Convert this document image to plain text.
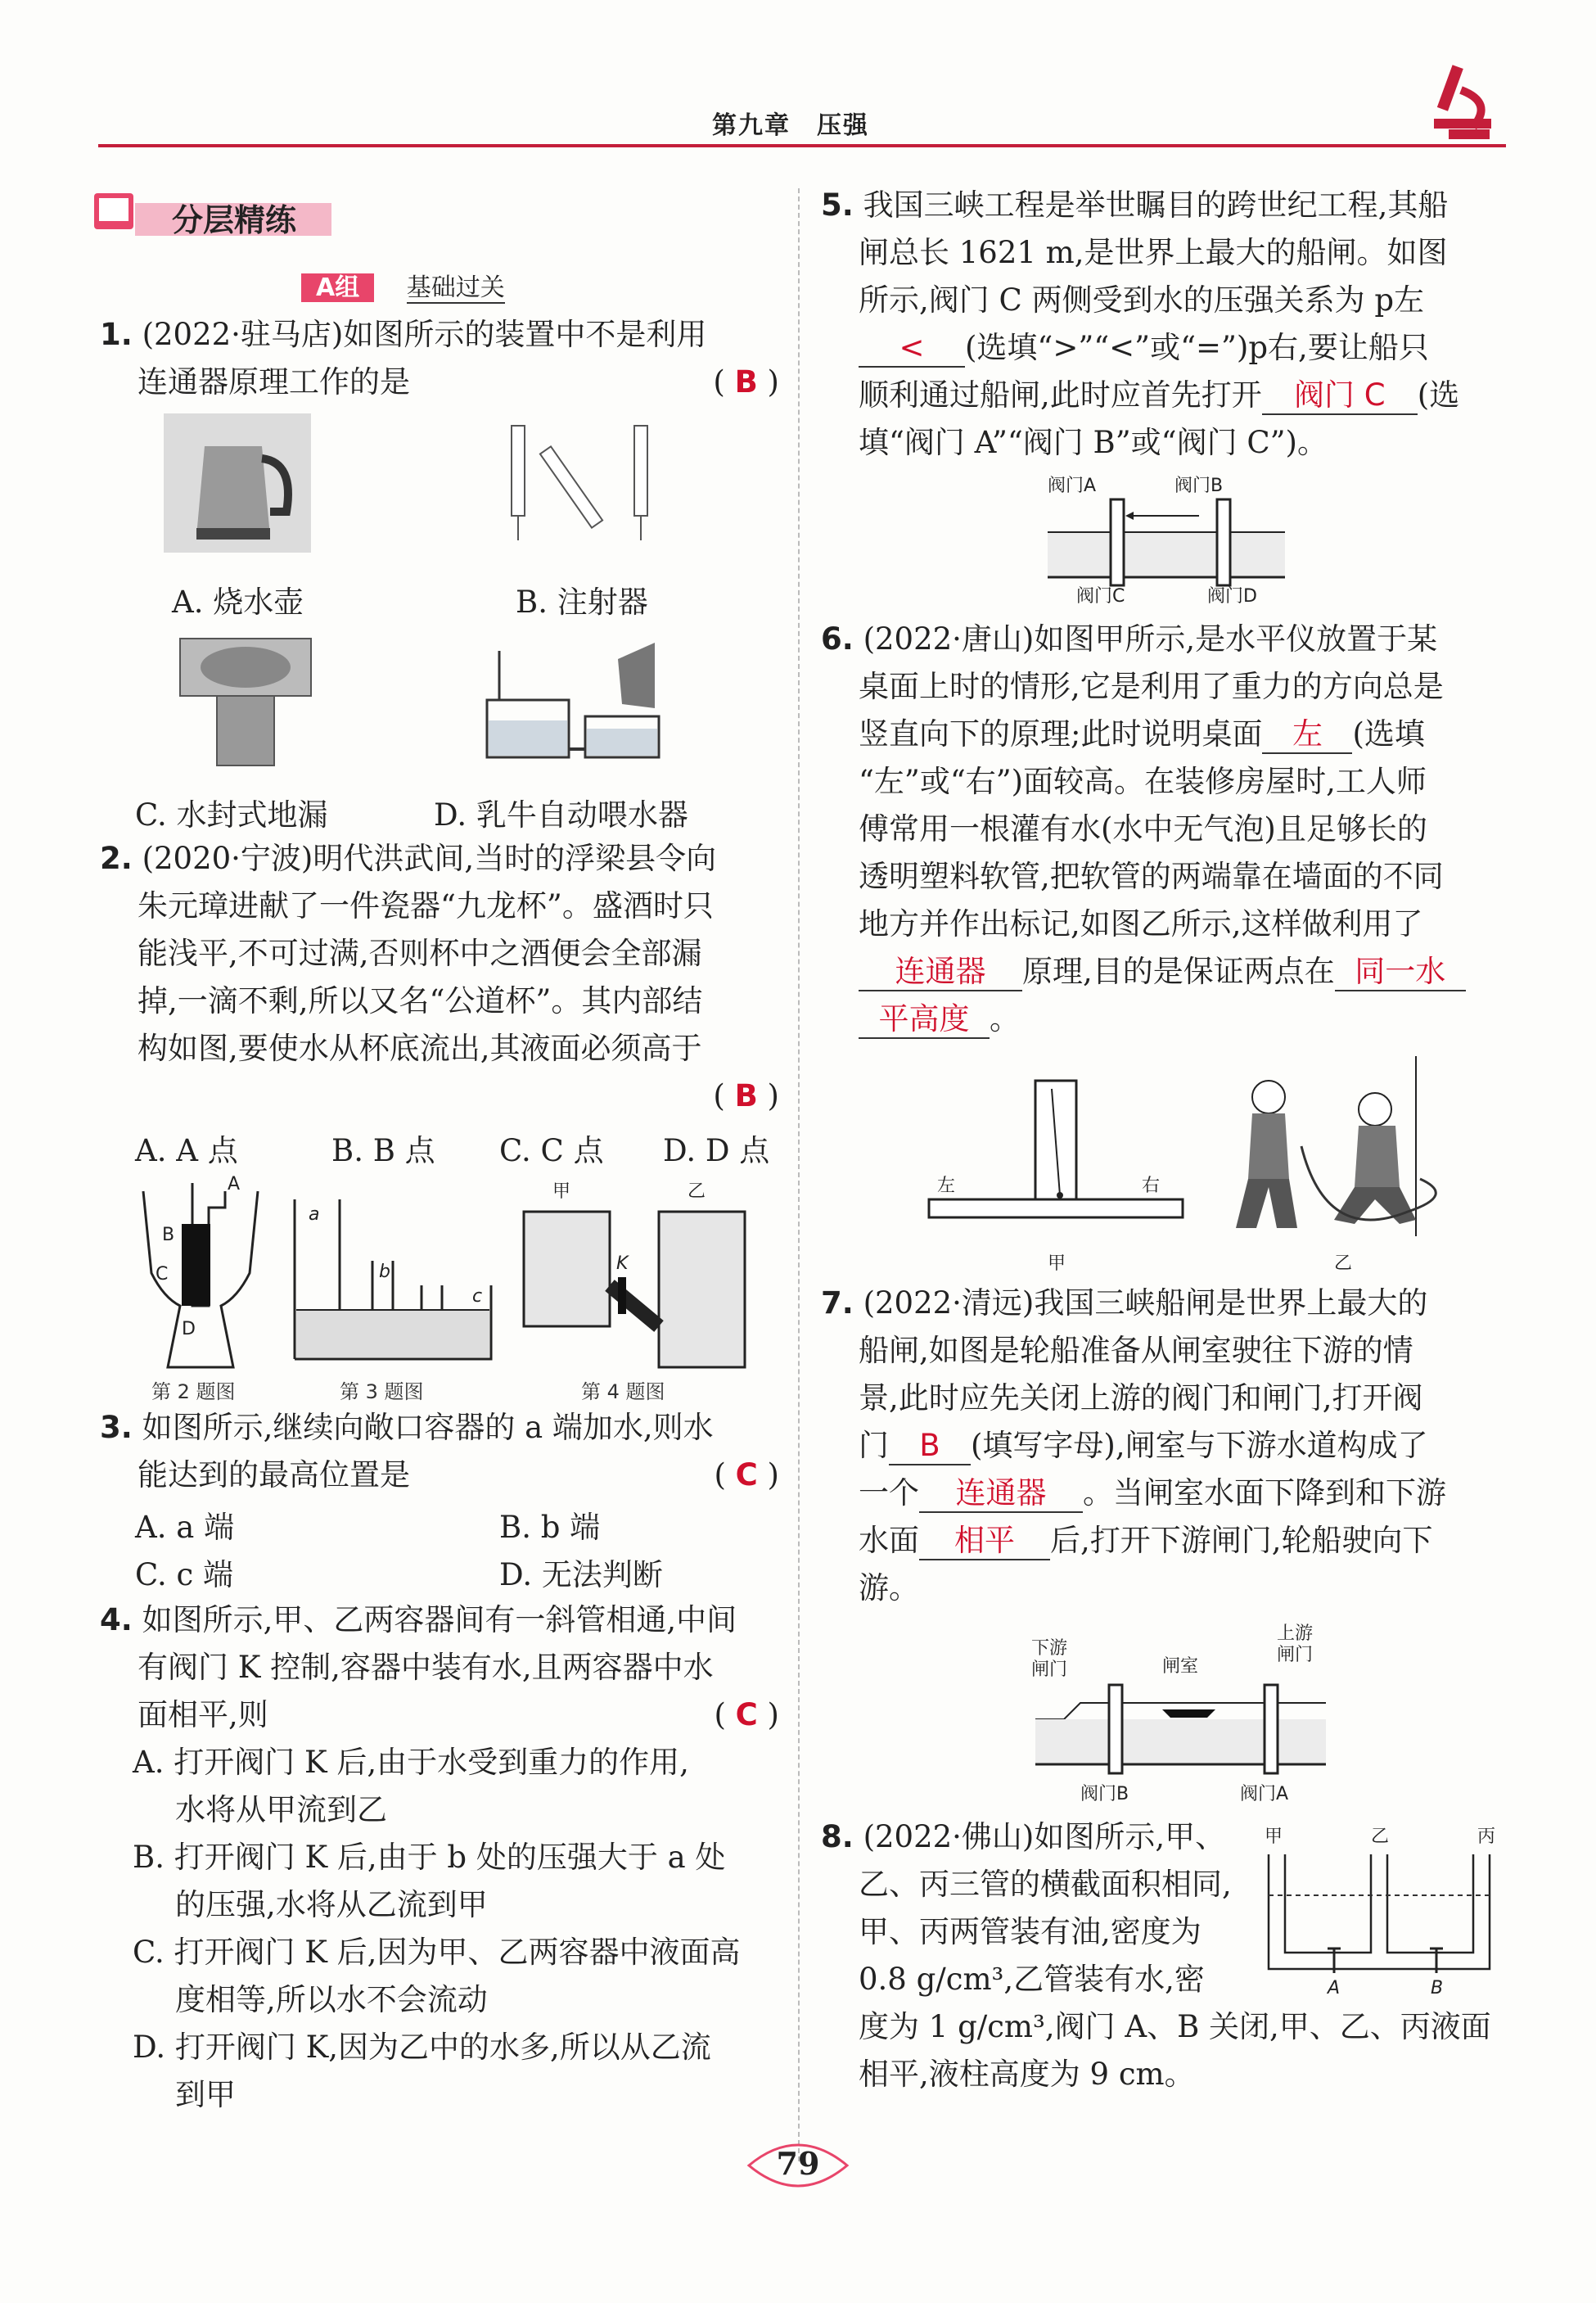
第九章　压强
分层精练
A组 基础过关
1. (2022·驻马店)如图所示的装置中不是利用
连通器原理工作的是	( B )
A. 烧水壶	B. 注射器
C. 水封式地漏	D. 乳牛自动喂水器
2. (2020·宁波)明代洪武间,当时的浮梁县令向
朱元璋进献了一件瓷器“九龙杯”。盛酒时只
能浅平,不可过满,否则杯中之酒便会全部漏
掉,一滴不剩,所以又名“公道杯”。其内部结
构如图,要使水从杯底流出,其液面必须高于

( B )
A. A 点	B. B 点 C. C 点 D. D 点
A
B
C
D
第 2 题图
a
b
c
第 3 题图
甲	乙
K
第 4 题图
3. 如图所示,继续向敞口容器的 a 端加水,则水
能达到的最高位置是	( C )
A. a 端	B. b 端
C. c 端	D. 无法判断
4. 如图所示,甲、乙两容器间有一斜管相通,中间
有阀门 K 控制,容器中装有水,且两容器中水
面相平,则	( C )

A. 打开阀门 K 后,由于水受到重力的作用,
水将从甲流到乙
B. 打开阀门 K 后,由于 b 处的压强大于 a 处
的压强,水将从乙流到甲
C. 打开阀门 K 后,因为甲、乙两容器中液面高
度相等,所以水不会流动
D. 打开阀门 K,因为乙中的水多,所以从乙流
到甲
5. 我国三峡工程是举世瞩目的跨世纪工程,其船
闸总长 1621 m,是世界上最大的船闸。如图
所示,阀门 C 两侧受到水的压强关系为 p左
< (选填“>”“<”或“=”)p右,要让船只
顺利通过船闸,此时应首先打开 阀门 C (选
填“阀门 A”“阀门 B”或“阀门 C”)。
阀门A	阀门B
阀门C	阀门D
6. (2022·唐山)如图甲所示,是水平仪放置于某
桌面上时的情形,它是利用了重力的方向总是
竖直向下的原理;此时说明桌面 左 (选填
“左”或“右”)面较高。在装修房屋时,工人师
傅常用一根灌有水(水中无气泡)且足够长的
透明塑料软管,把软管的两端靠在墙面的不同
地方并作出标记,如图乙所示,这样做利用了
连通器 原理,目的是保证两点在 同一水
平高度 。
左	右
甲	乙
7. (2022·清远)我国三峡船闸是世界上最大的
船闸,如图是轮船准备从闸室驶往下游的情
景,此时应先关闭上游的阀门和闸门,打开阀
门 B (填写字母),闸室与下游水道构成了
一个 连通器 。当闸室水面下降到和下游
水面 相平 后,打开下游闸门,轮船驶向下
游。
下游
闸门	闸室
上游
闸门
阀门B	阀门A
8. (2022·佛山)如图所示,甲、
乙、丙三管的横截面积相同,
甲、丙两管装有油,密度为
0.8 g/cm³,乙管装有水,密
度为 1 g/cm³,阀门 A、B 关闭,甲、乙、丙液面
相平,液柱高度为 9 cm。
甲	乙	丙
A	B
79
